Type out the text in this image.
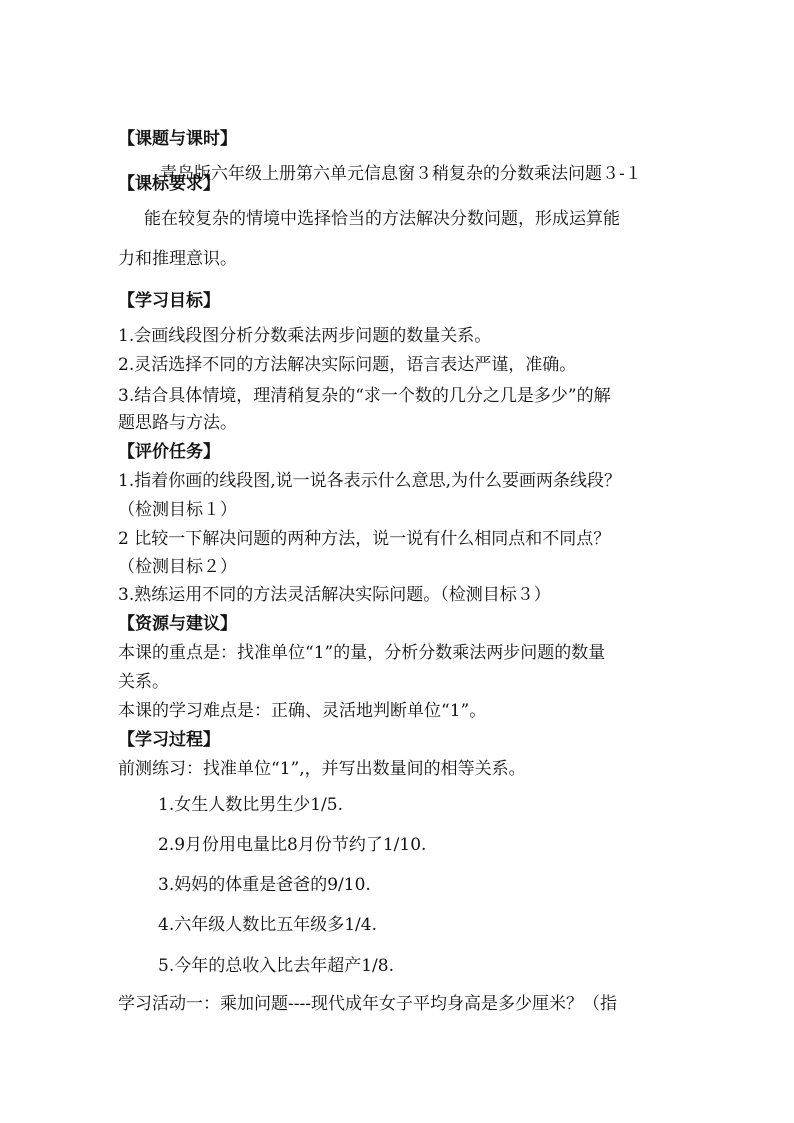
【课题与课时】
青岛版六年级上册第六单元信息窗３稍复杂的分数乘法问题３-１
【课标要求】
能在较复杂的情境中选择恰当的方法解决分数问题，形成运算能
力和推理意识。
【学习目标】
1.会画线段图分析分数乘法两步问题的数量关系。
2.灵活选择不同的方法解决实际问题，语言表达严谨，准确。
3.结合具体情境，理清稍复杂的“求一个数的几分之几是多少”的解
题思路与方法。
【评价任务】
1.指着你画的线段图,说一说各表示什么意思,为什么要画两条线段？
（检测目标１）
2 比较一下解决问题的两种方法，说一说有什么相同点和不同点？
（检测目标２）
3.熟练运用不同的方法灵活解决实际问题。（检测目标３）
【资源与建议】
本课的重点是：找准单位“1”的量，分析分数乘法两步问题的数量
关系。
本课的学习难点是：正确、灵活地判断单位“1”。
【学习过程】
前测练习：找准单位“1”,，并写出数量间的相等关系。
1.女生人数比男生少1/5.
2.9月份用电量比8月份节约了1/10.
3.妈妈的体重是爸爸的9/10.
4.六年级人数比五年级多1/4.
5.今年的总收入比去年超产1/8.
学习活动一：乘加问题----现代成年女子平均身高是多少厘米？（指
